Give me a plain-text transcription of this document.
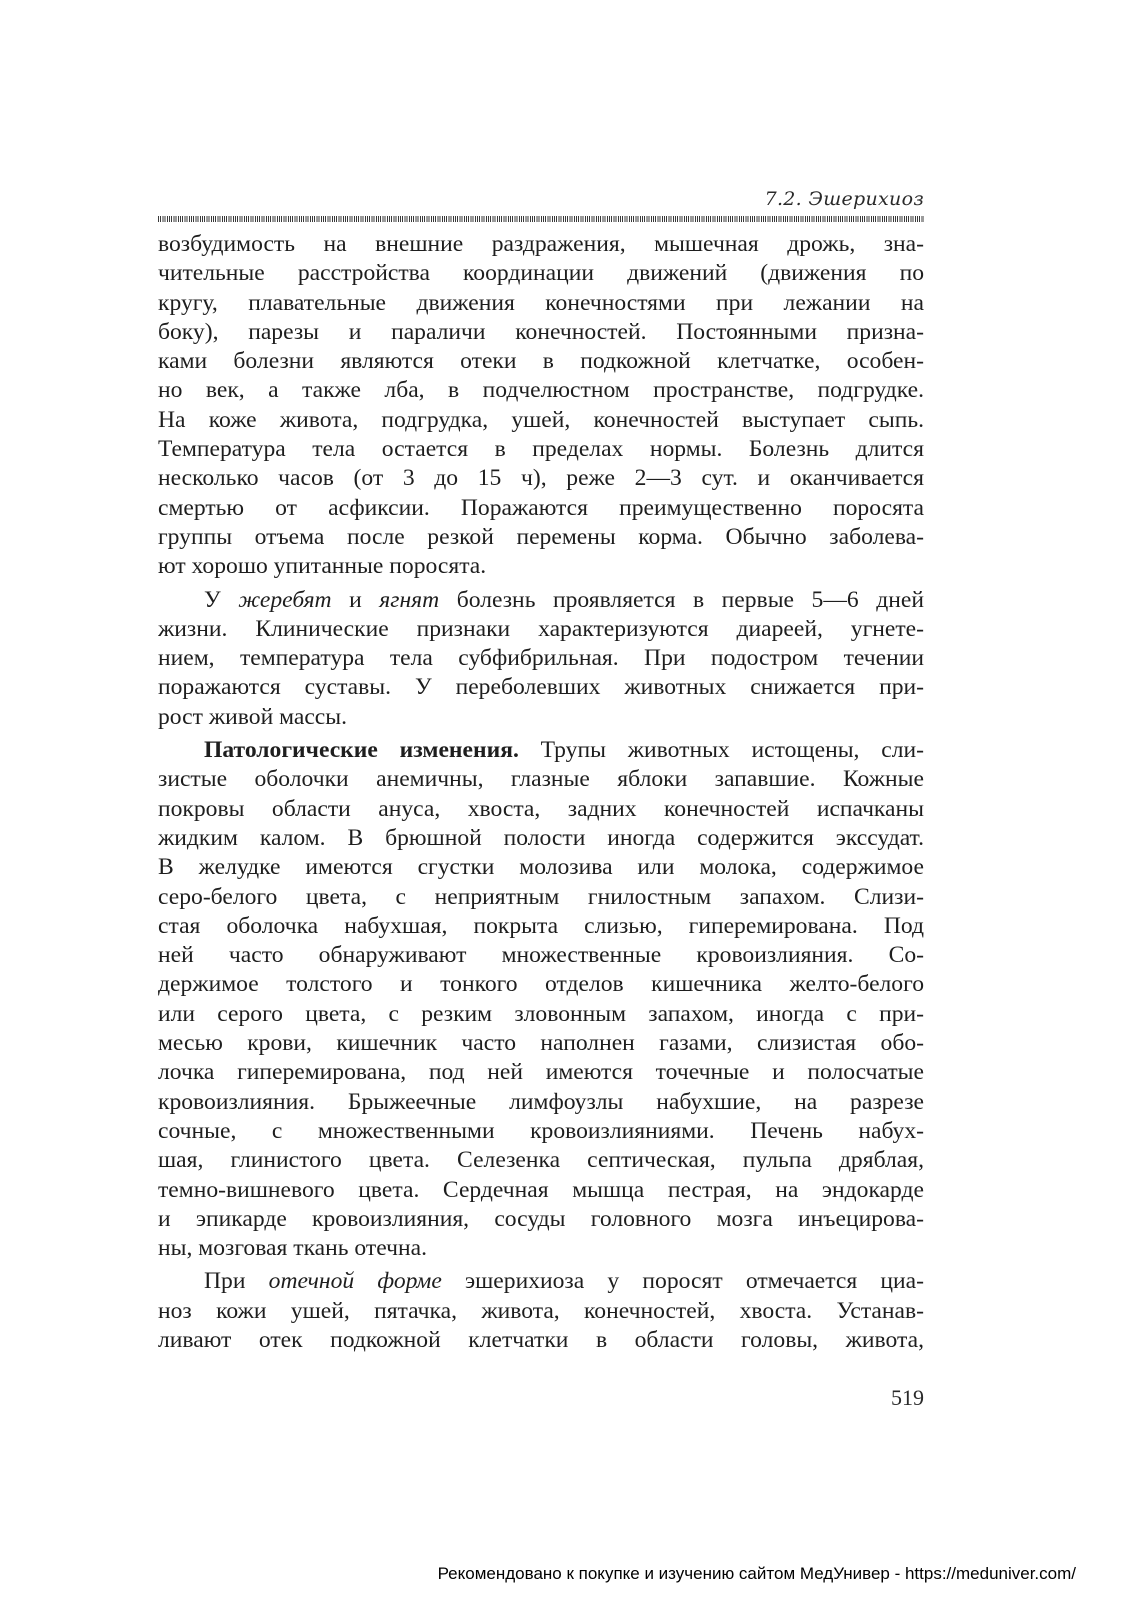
7.2. Эшерихиоз
возбудимость на внешние раздражения, мышечная дрожь, зна-
чительные расстройства координации движений (движения по
кругу, плавательные движения конечностями при лежании на
боку), парезы и параличи конечностей. Постоянными призна-
ками болезни являются отеки в подкожной клетчатке, особен-
но век, а также лба, в подчелюстном пространстве, подгрудке.
На коже живота, подгрудка, ушей, конечностей выступает сыпь.
Температура тела остается в пределах нормы. Болезнь длится
несколько часов (от 3 до 15 ч), реже 2—3 сут. и оканчивается
смертью от асфиксии. Поражаются преимущественно поросята
группы отъема после резкой перемены корма. Обычно заболева-
ют хорошо упитанные поросята.
У жеребят и ягнят болезнь проявляется в первые 5—6 дней
жизни. Клинические признаки характеризуются диареей, угнете-
нием, температура тела субфибрильная. При подостром течении
поражаются суставы. У переболевших животных снижается при-
рост живой массы.
Патологические изменения. Трупы животных истощены, сли-
зистые оболочки анемичны, глазные яблоки запавшие. Кожные
покровы области ануса, хвоста, задних конечностей испачканы
жидким калом. В брюшной полости иногда содержится экссудат.
В желудке имеются сгустки молозива или молока, содержимое
серо-белого цвета, с неприятным гнилостным запахом. Слизи-
стая оболочка набухшая, покрыта слизью, гиперемирована. Под
ней часто обнаруживают множественные кровоизлияния. Со-
держимое толстого и тонкого отделов кишечника желто-белого
или серого цвета, с резким зловонным запахом, иногда с при-
месью крови, кишечник часто наполнен газами, слизистая обо-
лочка гиперемирована, под ней имеются точечные и полосчатые
кровоизлияния. Брыжеечные лимфоузлы набухшие, на разрезе
сочные, с множественными кровоизлияниями. Печень набух-
шая, глинистого цвета. Селезенка септическая, пульпа дряблая,
темно-вишневого цвета. Сердечная мышца пестрая, на эндокарде
и эпикарде кровоизлияния, сосуды головного мозга инъецирова-
ны, мозговая ткань отечна.
При отечной форме эшерихиоза у поросят отмечается циа-
ноз кожи ушей, пятачка, живота, конечностей, хвоста. Устанав-
ливают отек подкожной клетчатки в области головы, живота,
519
Рекомендовано к покупке и изучению сайтом МедУнивер - https://meduniver.com/
